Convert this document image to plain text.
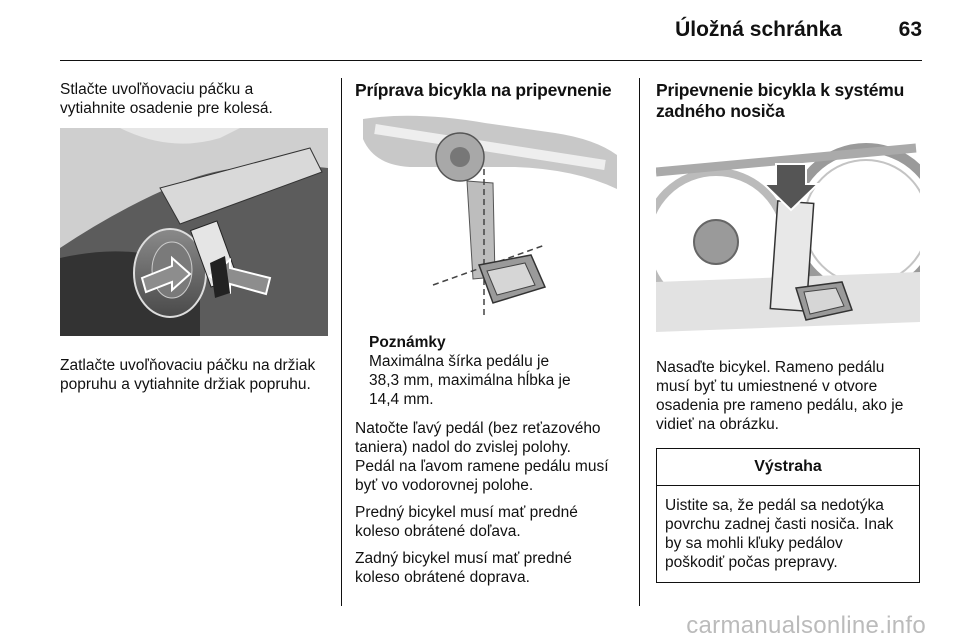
Úložná schránka	63

Stlačte uvoľňovaciu páčku a
vytiahnite osadenie pre kolesá.

Zatlačte uvoľňovaciu páčku na držiak
popruhu a vytiahnite držiak popruhu.

Príprava bicykla na pripevnenie
Poznámky

Maximálna šírka pedálu je
38,3 mm, maximálna hĺbka je
14,4 mm.

Natočte ľavý pedál (bez reťazového
taniera) nadol do zvislej polohy.
Pedál na ľavom ramene pedálu musí
byť vo vodorovnej polohe.

Predný bicykel musí mať predné
koleso obrátené doľava.

Zadný bicykel musí mať predné
koleso obrátené doprava.

Pripevnenie bicykla k systému
zadného nosiča

Nasaďte bicykel. Rameno pedálu
musí byť tu umiestnené v otvore
osadenia pre rameno pedálu, ako je
vidieť na obrázku.

Výstraha

Uistite sa, že pedál sa nedotýka
povrchu zadnej časti nosiča. Inak
by sa mohli kľuky pedálov
poškodiť počas prepravy.

carmanualsonline.info
